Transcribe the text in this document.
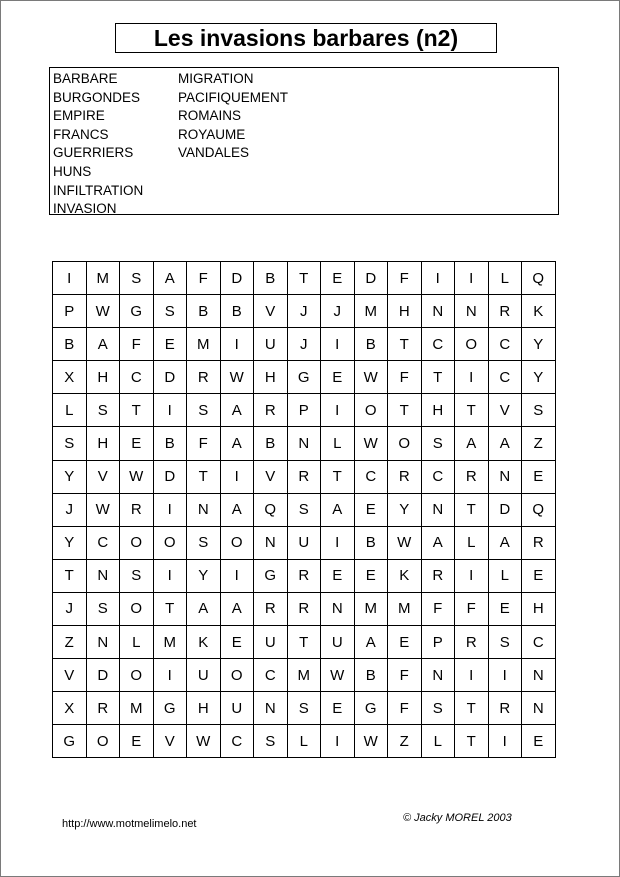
Les invasions barbares (n2)
BARBARE
BURGONDES
EMPIRE
FRANCS
GUERRIERS
HUNS
INFILTRATION
INVASION
MIGRATION
PACIFIQUEMENT
ROMAINS
ROYAUME
VANDALES
I	M	S	A	F	D	B	T	E	D	F	I	I	L	Q
P	W	G	S	B	B	V	J	J	M	H	N	N	R	K
B	A	F	E	M	I	U	J	I	B	T	C	O	C	Y
X	H	C	D	R	W	H	G	E	W	F	T	I	C	Y
L	S	T	I	S	A	R	P	I	O	T	H	T	V	S
S	H	E	B	F	A	B	N	L	W	O	S	A	A	Z
Y	V	W	D	T	I	V	R	T	C	R	C	R	N	E
J	W	R	I	N	A	Q	S	A	E	Y	N	T	D	Q
Y	C	O	O	S	O	N	U	I	B	W	A	L	A	R
T	N	S	I	Y	I	G	R	E	E	K	R	I	L	E
J	S	O	T	A	A	R	R	N	M	M	F	F	E	H
Z	N	L	M	K	E	U	T	U	A	E	P	R	S	C
V	D	O	I	U	O	C	M	W	B	F	N	I	I	N
X	R	M	G	H	U	N	S	E	G	F	S	T	R	N
G	O	E	V	W	C	S	L	I	W	Z	L	T	I	E
http://www.motmelimelo.net	© Jacky MOREL 2003
